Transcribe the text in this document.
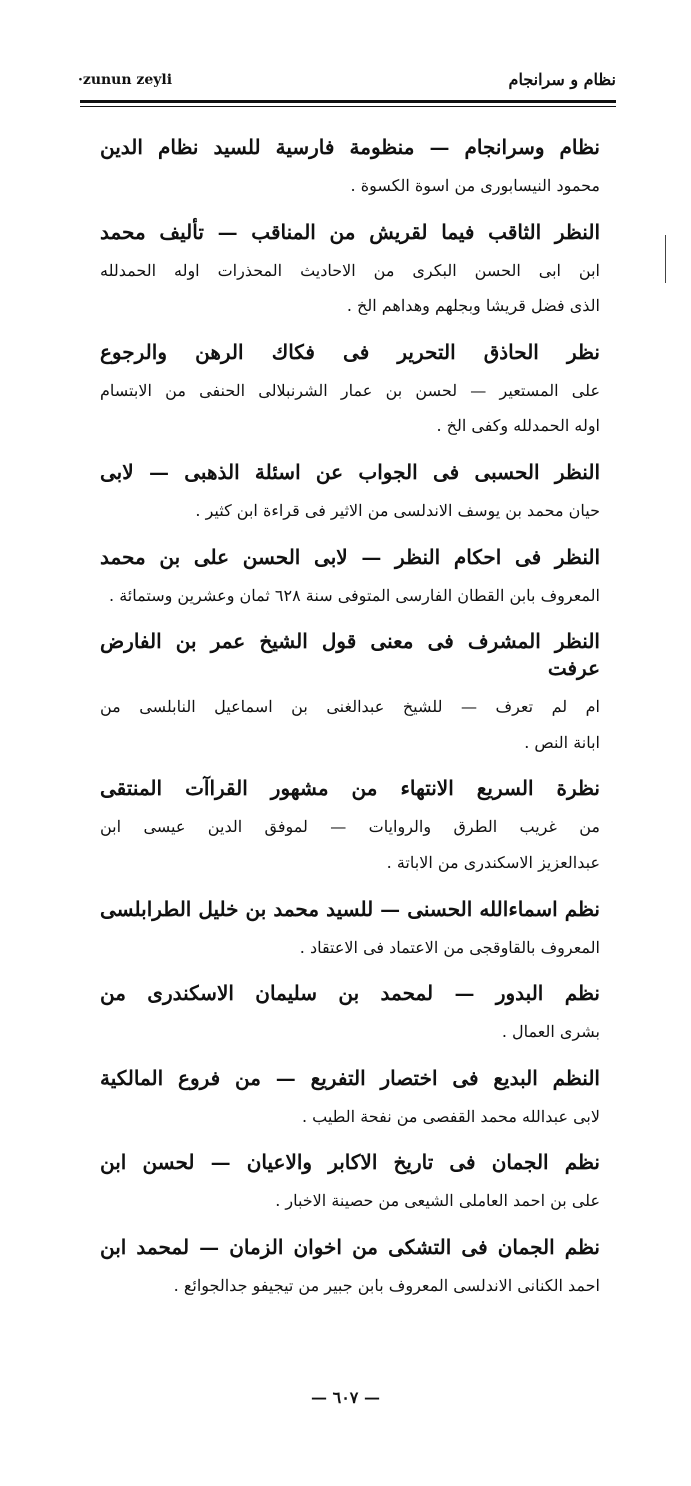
·zunun zeyli	نظام و سرانجام
نظام وسرانجام — منظومة فارسية للسيد نظام الدين
محمود النيسابورى من اسوة الكسوة .
النظر الثاقب فيما لقريش من المناقب — تأليف محمد
ابن ابى الحسن البكرى من الاحاديث المحذرات اوله الحمدلله
الذى فضل قريشا وبجلهم وهداهم الخ .
نظر الحاذق التحرير فى فكاك الرهن والرجوع
على المستعير — لحسن بن عمار الشرنبلالى الحنفى من الابتسام
اوله الحمدلله وكفى الخ .
النظر الحسبى فى الجواب عن اسئلة الذهبى — لابى
حيان محمد بن يوسف الاندلسى من الاثير فى قراءة ابن كثير .
النظر فى احكام النظر — لابى الحسن على بن محمد
المعروف بابن القطان الفارسى المتوفى سنة ٦٢٨ ثمان وعشرين وستمائة .
النظر المشرف فى معنى قول الشيخ عمر بن الفارض عرفت
ام لم تعرف — للشيخ عبدالغنى بن اسماعيل النابلسى من
ابانة النص .
نظرة السريع الانتهاء من مشهور القراآت المنتقى
من غريب الطرق والروايات — لموفق الدين عيسى ابن
عبدالعزيز الاسكندرى من الاباتة .
نظم اسماءالله الحسنى — للسيد محمد بن خليل الطرابلسى
المعروف بالقاوقجى من الاعتماد فى الاعتقاد .
نظم البدور — لمحمد بن سليمان الاسكندرى من
بشرى العمال .
النظم البديع فى اختصار التفريع — من فروع المالكية
لابى عبدالله محمد القفصى من نفحة الطيب .
نظم الجمان فى تاريخ الاكابر والاعيان — لحسن ابن
على بن احمد العاملى الشيعى من حصينة الاخبار .
نظم الجمان فى التشكى من اخوان الزمان — لمحمد ابن
احمد الكنانى الاندلسى المعروف بابن جبير من تيجيفو جدالجوائع .
— ٦٠٧ —
